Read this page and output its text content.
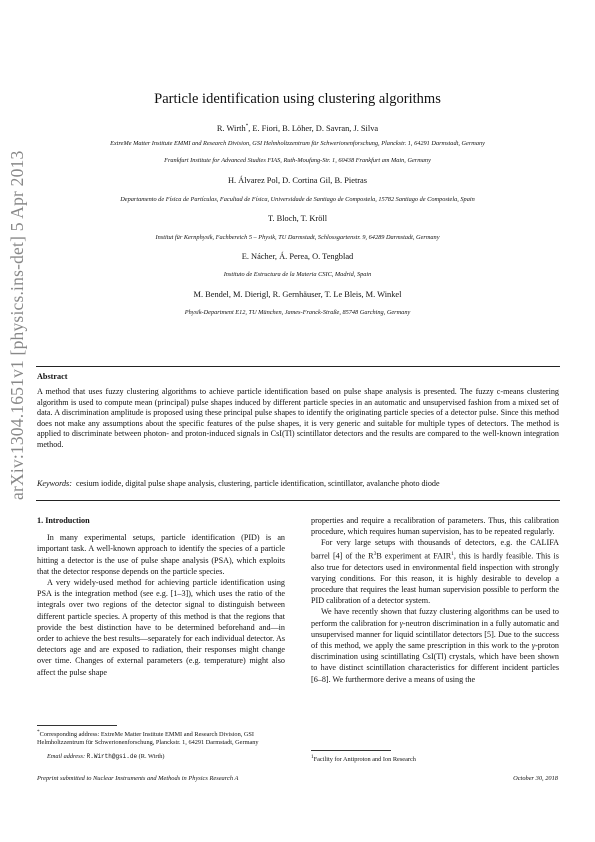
arXiv:1304.1651v1 [physics.ins-det] 5 Apr 2013
Particle identification using clustering algorithms
R. Wirth*, E. Fiori, B. Löher, D. Savran, J. Silva
ExtreMe Matter Institute EMMI and Research Division, GSI Helmholtzzentrum für Schwerionenforschung, Planckstr. 1, 64291 Darmstadt, Germany
Frankfurt Institute for Advanced Studies FIAS, Ruth-Moufang-Str. 1, 60438 Frankfurt am Main, Germany
H. Álvarez Pol, D. Cortina Gil, B. Pietras
Departamento de Física de Partículas, Facultad de Física, Universidade de Santiago de Compostela, 15782 Santiago de Compostela, Spain
T. Bloch, T. Kröll
Institut für Kernphysik, Fachbereich 5 – Physik, TU Darmstadt, Schlossgartenstr. 9, 64289 Darmstadt, Germany
E. Nácher, Á. Perea, O. Tengblad
Instituto de Estructura de la Materia CSIC, Madrid, Spain
M. Bendel, M. Dierigl, R. Gernhäuser, T. Le Bleis, M. Winkel
Physik-Department E12, TU München, James-Franck-Straße, 85748 Garching, Germany
Abstract
A method that uses fuzzy clustering algorithms to achieve particle identification based on pulse shape analysis is presented. The fuzzy c-means clustering algorithm is used to compute mean (principal) pulse shapes induced by different particle species in an automatic and unsupervised fashion from a mixed set of data. A discrimination amplitude is proposed using these principal pulse shapes to identify the originating particle species of a detector pulse. Since this method does not make any assumptions about the specific features of the pulse shapes, it is very generic and suitable for multiple types of detectors. The method is applied to discriminate between photon- and proton-induced signals in CsI(Tl) scintillator detectors and the results are compared to the well-known integration method.
Keywords: cesium iodide, digital pulse shape analysis, clustering, particle identification, scintillator, avalanche photo diode
1. Introduction

In many experimental setups, particle identification (PID) is an important task. A well-known approach to identify the species of a particle hitting a detector is the use of pulse shape analysis (PSA), which exploits that the detector response depends on the particle species.

A very widely-used method for achieving particle identification using PSA is the integration method (see e.g. [1–3]), which uses the ratio of the integrals over two regions of the detector signal to distinguish between different particle species. A property of this method is that the regions that provide the best distinction have to be determined beforehand and—in order to achieve the best results—separately for each individual detector. As detectors age and are exposed to radiation, their responses might change over time. Changes of external parameters (e.g. temperature) might also affect the pulse shape

properties and require a recalibration of parameters. Thus, this calibration procedure, which requires human supervision, has to be repeated regularly.

For very large setups with thousands of detectors, e.g. the CALIFA barrel [4] of the $R^3B$ experiment at FAIR$^1$, this is hardly feasible. This is also true for detectors used in environmental field inspection with strongly varying conditions. For this reason, it is highly desirable to develop a procedure that requires the least human supervision possible to perform the PID calibration of a detector system.

We have recently shown that fuzzy clustering algorithms can be used to perform the calibration for γ-neutron discrimination in a fully automatic and unsupervised manner for liquid scintillator detectors [5]. Due to the success of this method, we apply the same prescription in this work to the γ-proton discrimination using scintillating CsI(Tl) crystals, which have been shown to have distinct scintillation characteristics for different incident particles [6–8]. We furthermore derive a means of using the

*Corresponding address: ExtreMe Matter Institute EMMI and Research Division, GSI Helmholtzzentrum für Schwerionenforschung, Planckstr. 1, 64291 Darmstadt, Germany
Email address: R.Wirth@gsi.de (R. Wirth)	$^1$Facility for Antiproton and Ion Research
Preprint submitted to Nuclear Instruments and Methods in Physics Research A	October 30, 2018
